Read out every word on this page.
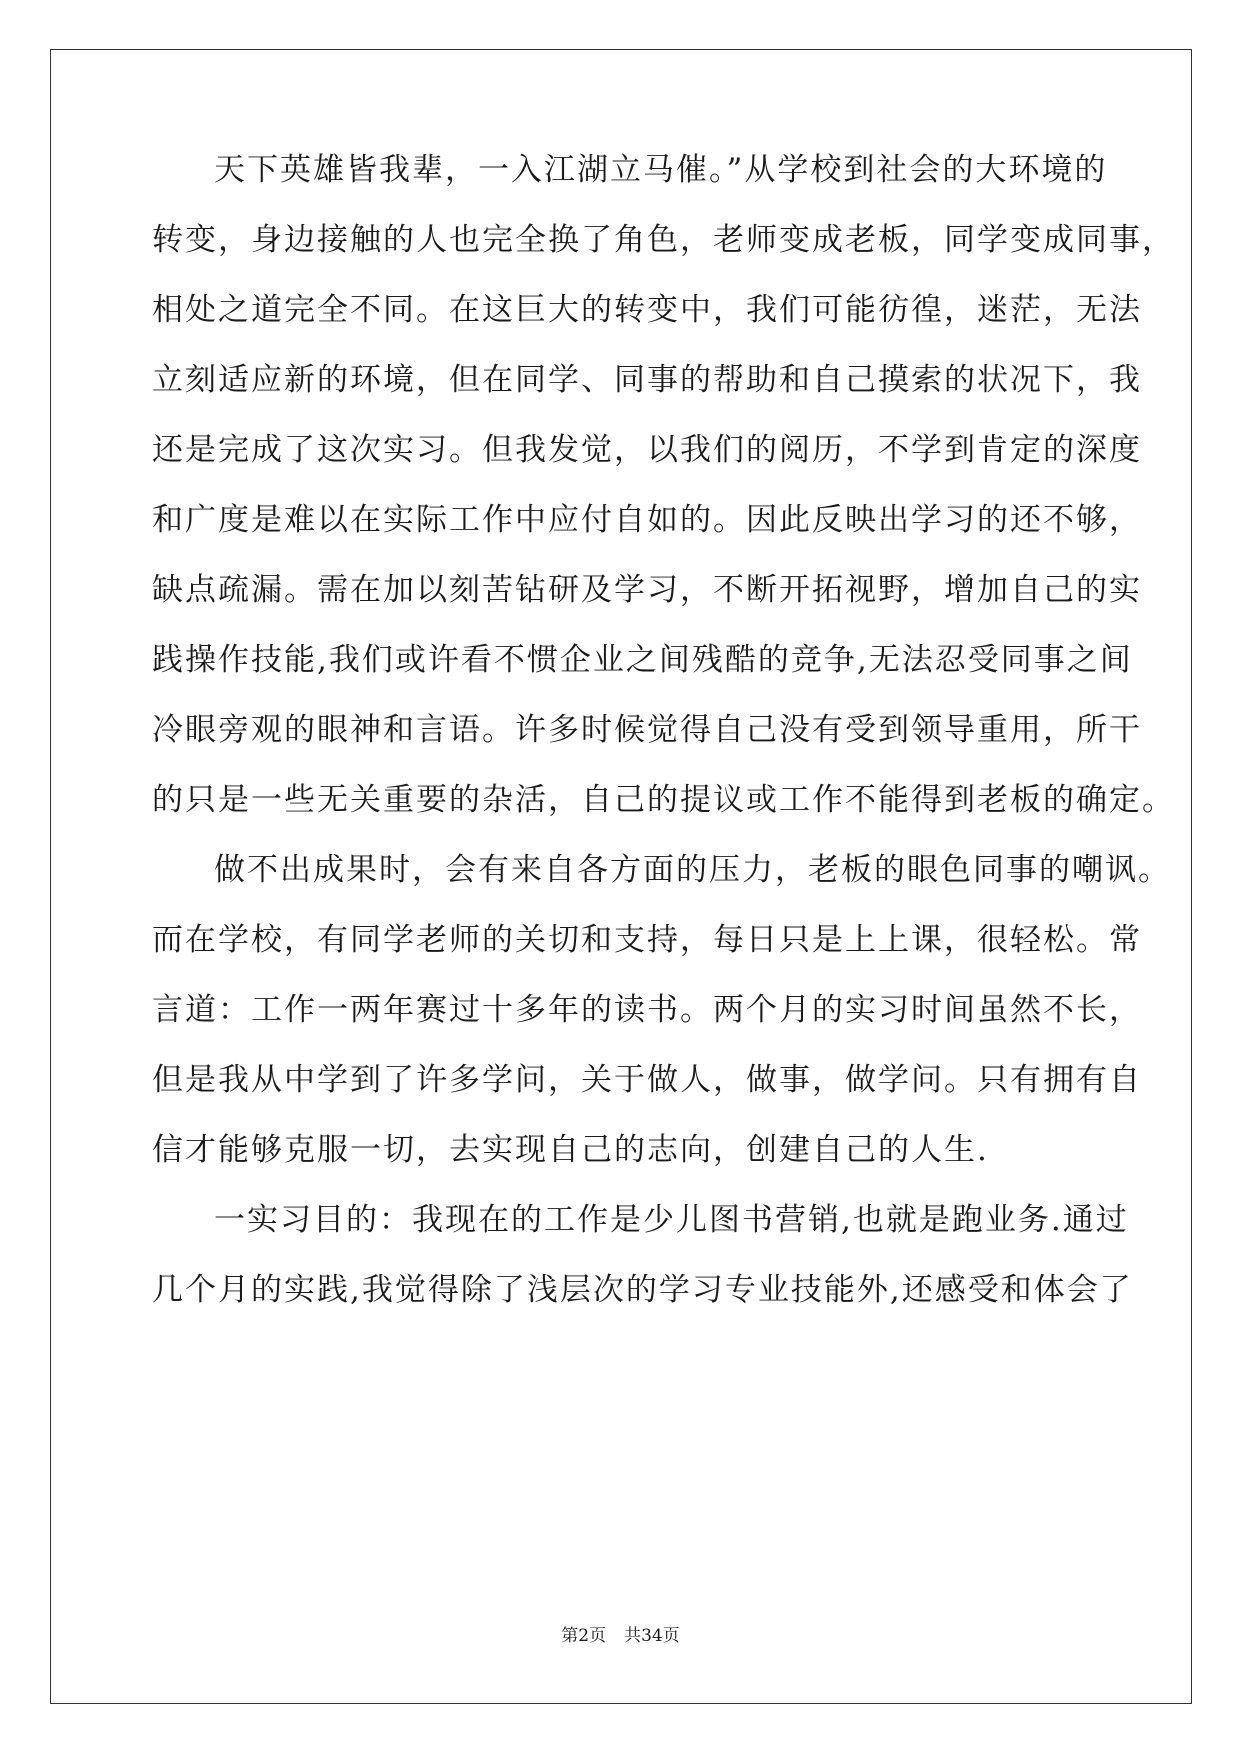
天下英雄皆我辈，一入江湖立马催。”从学校到社会的大环境的
转变，身边接触的人也完全换了角色，老师变成老板，同学变成同事，
相处之道完全不同。在这巨大的转变中，我们可能彷徨，迷茫，无法
立刻适应新的环境，但在同学、同事的帮助和自己摸索的状况下，我
还是完成了这次实习。但我发觉，以我们的阅历，不学到肯定的深度
和广度是难以在实际工作中应付自如的。因此反映出学习的还不够，
缺点疏漏。需在加以刻苦钻研及学习，不断开拓视野，增加自己的实
践操作技能,我们或许看不惯企业之间残酷的竞争,无法忍受同事之间
冷眼旁观的眼神和言语。许多时候觉得自己没有受到领导重用，所干
的只是一些无关重要的杂活，自己的提议或工作不能得到老板的确定。
做不出成果时，会有来自各方面的压力，老板的眼色同事的嘲讽。
而在学校，有同学老师的关切和支持，每日只是上上课，很轻松。常
言道：工作一两年赛过十多年的读书。两个月的实习时间虽然不长，
但是我从中学到了许多学问，关于做人，做事，做学问。只有拥有自
信才能够克服一切，去实现自己的志向，创建自己的人生.
一实习目的：我现在的工作是少儿图书营销,也就是跑业务.通过
几个月的实践,我觉得除了浅层次的学习专业技能外,还感受和体会了
第2页 共34页
